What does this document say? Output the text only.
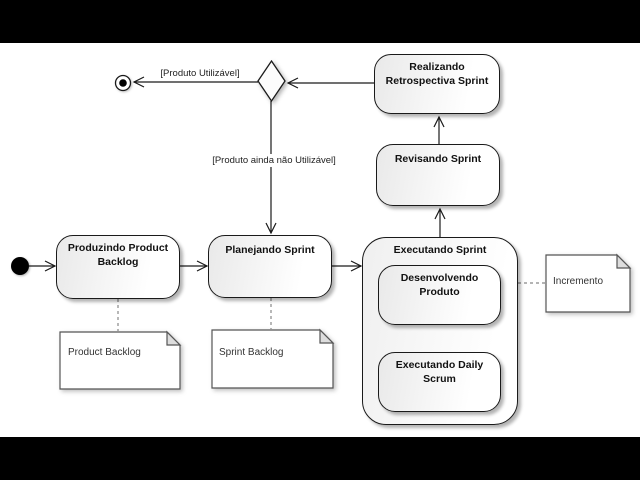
Executando Sprint
Produzindo Product
Backlog
Planejando Sprint
Desenvolvendo
Produto
Executando Daily
Scrum
Revisando Sprint
Realizando
Retrospectiva Sprint
Product Backlog	Sprint Backlog
Incremento
[Produto Utilizável]
[Produto ainda não Utilizável]
